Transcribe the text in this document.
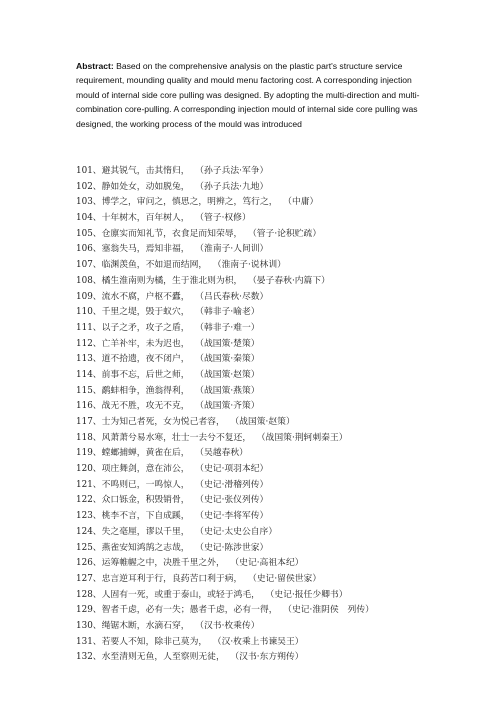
Abstract: Based on the comprehensive analysis on the plastic part's structure service requirement, mounding quality and mould menu factoring cost. A corresponding injection mould of internal side core pulling was designed. By adopting the multi-direction and multi-combination core-pulling. A corresponding injection mould of internal side core pulling was designed, the working process of the mould was introduced
101、避其锐气，击其惰归， （孙子兵法·军争）
102、静如处女，动如脱兔， （孙子兵法·九地）
103、博学之，审问之，慎思之，明辨之，笃行之， （中庸）
104、十年树木，百年树人， （管子·权修）
105、仓廪实而知礼节，衣食足而知荣辱， （管子·论积贮疏）
106、塞翁失马，焉知非福， （淮南子·人间训）
107、临渊羡鱼，不如退而结网， （淮南子·说林训）
108、橘生淮南则为橘，生于淮北则为枳， （晏子春秋·内篇下）
109、流水不腐，户枢不蠹， （吕氏春秋·尽数）
110、千里之堤，毁于蚁穴， （韩非子·喻老）
111、以子之矛，攻子之盾， （韩非子·难一）
112、亡羊补牢，未为迟也， （战国策·楚策）
113、道不拾遗，夜不闭户， （战国策·秦策）
114、前事不忘，后世之师， （战国策·赵策）
115、鹬蚌相争，渔翁得利， （战国策·燕策）
116、战无不胜，攻无不克， （战国策·齐策）
117、士为知己者死，女为悦己者容， （战国策·赵策）
118、风萧萧兮易水寒，壮士一去兮不复还， （战国策·荆轲刺秦王）
119、螳螂捕蝉，黄雀在后， （吴越春秋）
120、项庄舞剑，意在沛公， （史记·项羽本纪）
121、不鸣则已，一鸣惊人， （史记·滑稽列传）
122、众口铄金，积毁销骨， （史记·张仪列传）
123、桃李不言，下自成蹊， （史记·李将军传）
124、失之毫厘，谬以千里， （史记·太史公自序）
125、燕雀安知鸿鹄之志哉， （史记·陈涉世家）
126、运筹帷幄之中，决胜千里之外， （史记·高祖本纪）
127、忠言逆耳利于行，良药苦口利于病， （史记·留侯世家）
128、人固有一死，或重于泰山，或轻于鸿毛， （史记·报任少卿书）
129、智者千虑，必有一失；愚者千虑，必有一得， （史记·淮阴侯　列传）
130、绳锯木断，水滴石穿， （汉书·枚乘传）
131、若要人不知，除非己莫为， （汉·枚乘上书谏吴王）
132、水至清则无鱼，人至察则无徒， （汉书·东方朔传）
